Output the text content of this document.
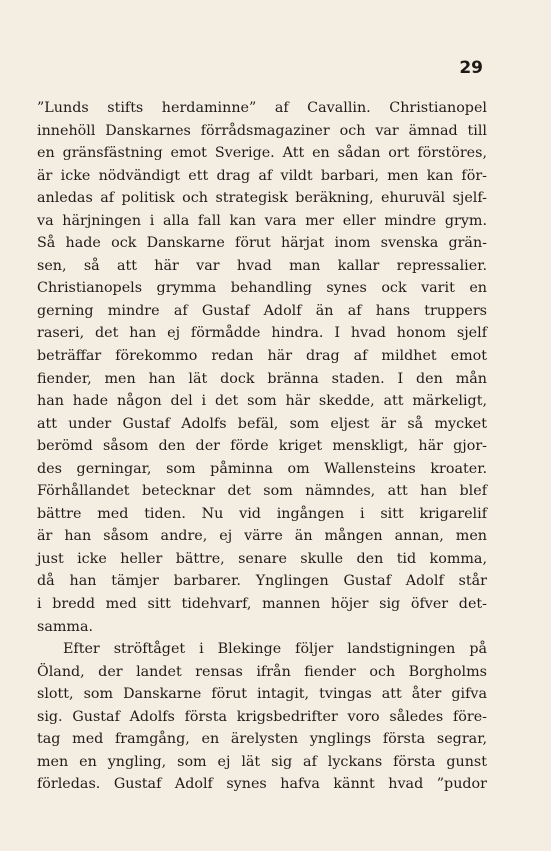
29
”Lunds stifts herdaminne” af Cavallin. Christianopel
innehöll Danskarnes förrådsmagaziner och var ämnad till
en gränsfästning emot Sverige. Att en sådan ort förstöres,
är icke nödvändigt ett drag af vildt barbari, men kan för-
anledas af politisk och strategisk beräkning, ehuruväl sjelf-
va härjningen i alla fall kan vara mer eller mindre grym.
Så hade ock Danskarne förut härjat inom svenska grän-
sen, så att här var hvad man kallar repressalier.
Christianopels grymma behandling synes ock varit en
gerning mindre af Gustaf Adolf än af hans truppers
raseri, det han ej förmådde hindra. I hvad honom sjelf
beträffar förekommo redan här drag af mildhet emot
fiender, men han lät dock bränna staden. I den mån
han hade någon del i det som här skedde, att märkeligt,
att under Gustaf Adolfs befäl, som eljest är så mycket
berömd såsom den der förde kriget menskligt, här gjor-
des gerningar, som påminna om Wallensteins kroater.
Förhållandet betecknar det som nämndes, att han blef
bättre med tiden. Nu vid ingången i sitt krigarelif
är han såsom andre, ej värre än mången annan, men
just icke heller bättre, senare skulle den tid komma,
då han tämjer barbarer. Ynglingen Gustaf Adolf står
i bredd med sitt tidehvarf, mannen höjer sig öfver det-
samma.
Efter ströftåget i Blekinge följer landstigningen på
Öland, der landet rensas ifrån fiender och Borgholms
slott, som Danskarne förut intagit, tvingas att åter gifva
sig. Gustaf Adolfs första krigsbedrifter voro således före-
tag med framgång, en ärelysten ynglings första segrar,
men en yngling, som ej lät sig af lyckans första gunst
förledas. Gustaf Adolf synes hafva kännt hvad ”pudor
